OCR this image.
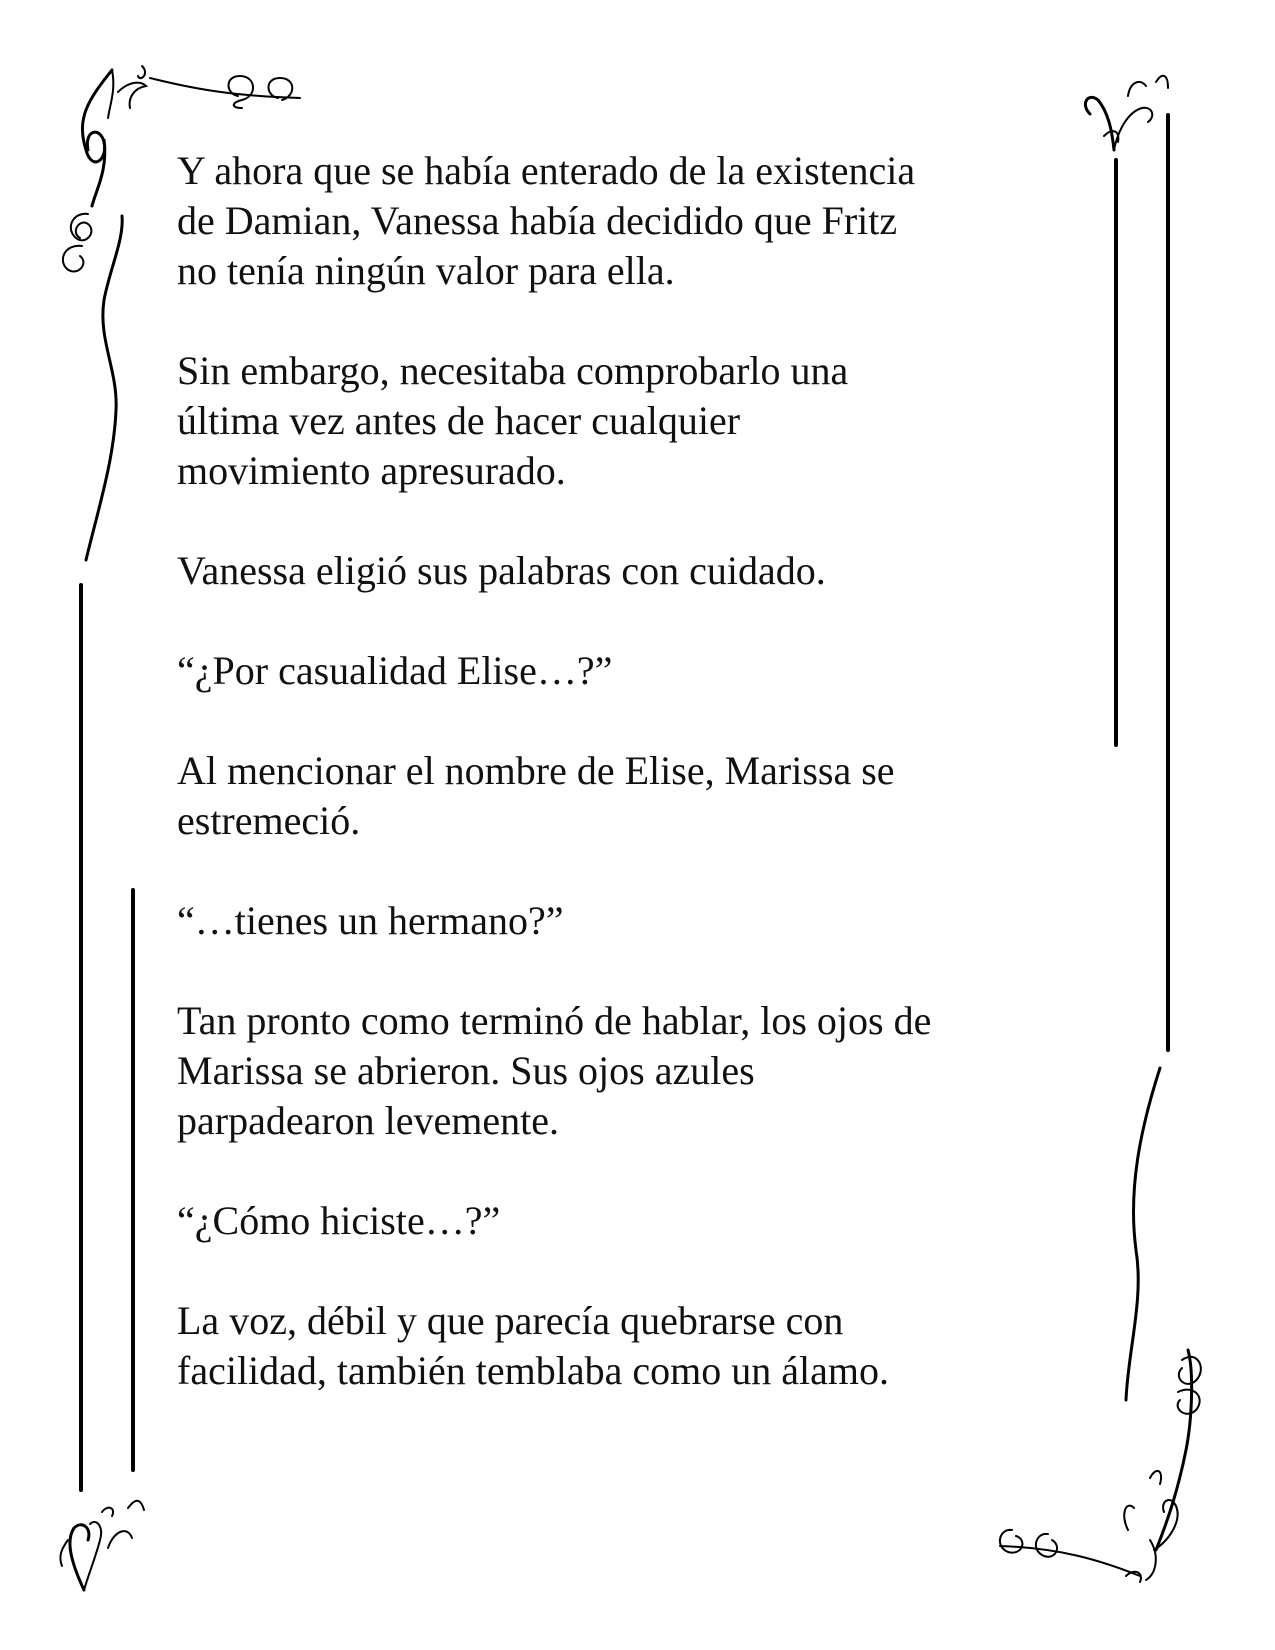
Y ahora que se había enterado de la existencia
de Damian, Vanessa había decidido que Fritz
no tenía ningún valor para ella.

Sin embargo, necesitaba comprobarlo una
última vez antes de hacer cualquier
movimiento apresurado.

Vanessa eligió sus palabras con cuidado.

“¿Por casualidad Elise…?”

Al mencionar el nombre de Elise, Marissa se
estremeció.

“…tienes un hermano?”

Tan pronto como terminó de hablar, los ojos de
Marissa se abrieron. Sus ojos azules
parpadearon levemente.

“¿Cómo hiciste…?”

La voz, débil y que parecía quebrarse con
facilidad, también temblaba como un álamo.
